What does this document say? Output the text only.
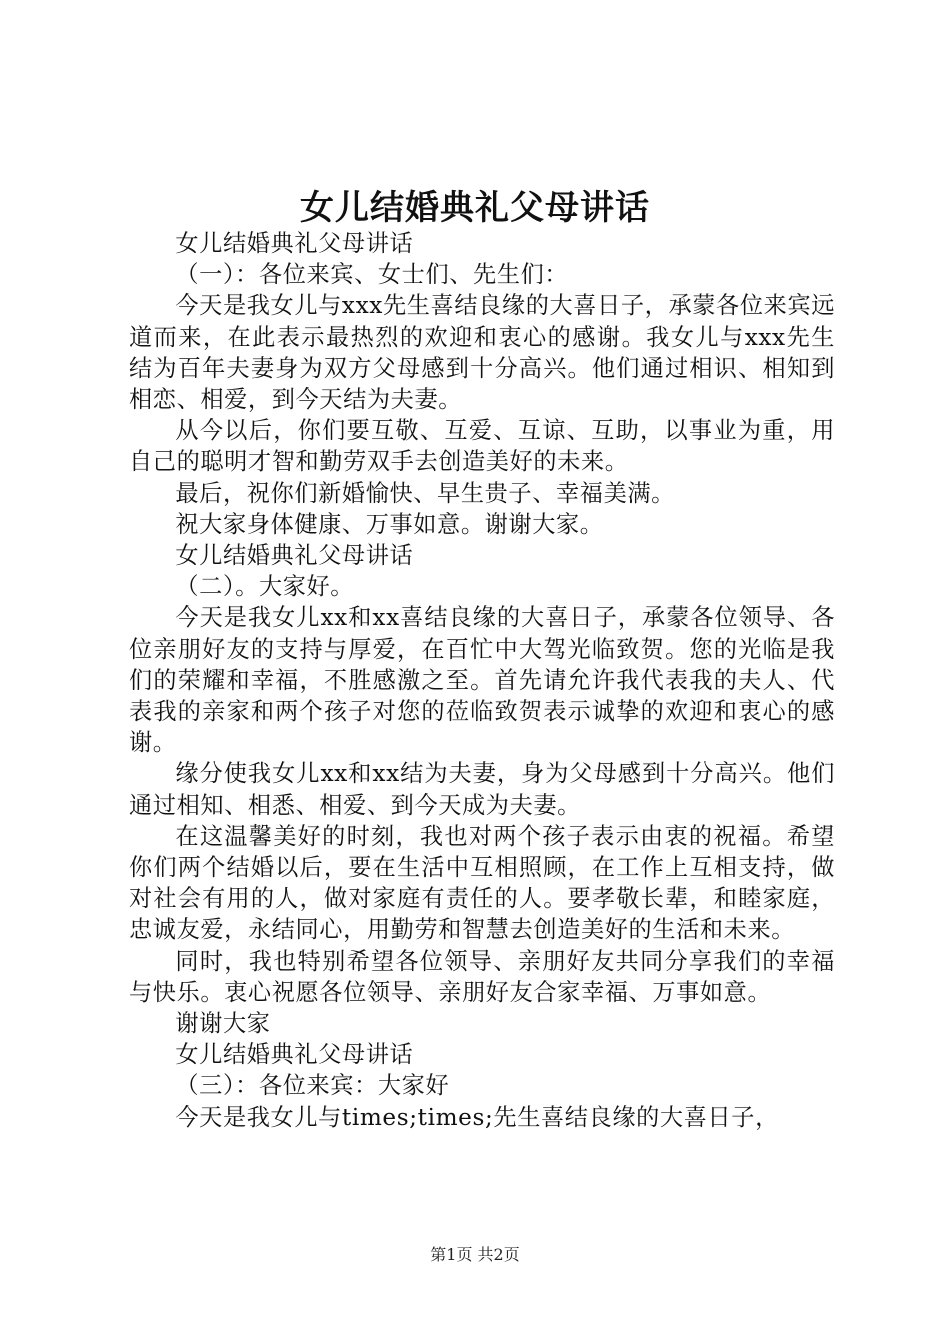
女儿结婚典礼父母讲话

女儿结婚典礼父母讲话

（一）：各位来宾、女士们、先生们：

今天是我女儿与xxx先生喜结良缘的大喜日子，承蒙各位来宾远道而来，在此表示最热烈的欢迎和衷心的感谢。我女儿与xxx先生结为百年夫妻身为双方父母感到十分高兴。他们通过相识、相知到相恋、相爱，到今天结为夫妻。

从今以后，你们要互敬、互爱、互谅、互助，以事业为重，用自己的聪明才智和勤劳双手去创造美好的未来。

最后，祝你们新婚愉快、早生贵子、幸福美满。

祝大家身体健康、万事如意。谢谢大家。

女儿结婚典礼父母讲话

（二）。大家好。

今天是我女儿xx和xx喜结良缘的大喜日子，承蒙各位领导、各位亲朋好友的支持与厚爱，在百忙中大驾光临致贺。您的光临是我们的荣耀和幸福，不胜感激之至。首先请允许我代表我的夫人、代表我的亲家和两个孩子对您的莅临致贺表示诚挚的欢迎和衷心的感谢。

缘分使我女儿xx和xx结为夫妻，身为父母感到十分高兴。他们通过相知、相悉、相爱、到今天成为夫妻。

在这温馨美好的时刻，我也对两个孩子表示由衷的祝福。希望你们两个结婚以后，要在生活中互相照顾，在工作上互相支持，做对社会有用的人，做对家庭有责任的人。要孝敬长辈，和睦家庭，忠诚友爱，永结同心，用勤劳和智慧去创造美好的生活和未来。

同时，我也特别希望各位领导、亲朋好友共同分享我们的幸福与快乐。衷心祝愿各位领导、亲朋好友合家幸福、万事如意。

谢谢大家

女儿结婚典礼父母讲话

（三）：各位来宾：大家好

今天是我女儿与times;times;先生喜结良缘的大喜日子，

第1页 共2页
